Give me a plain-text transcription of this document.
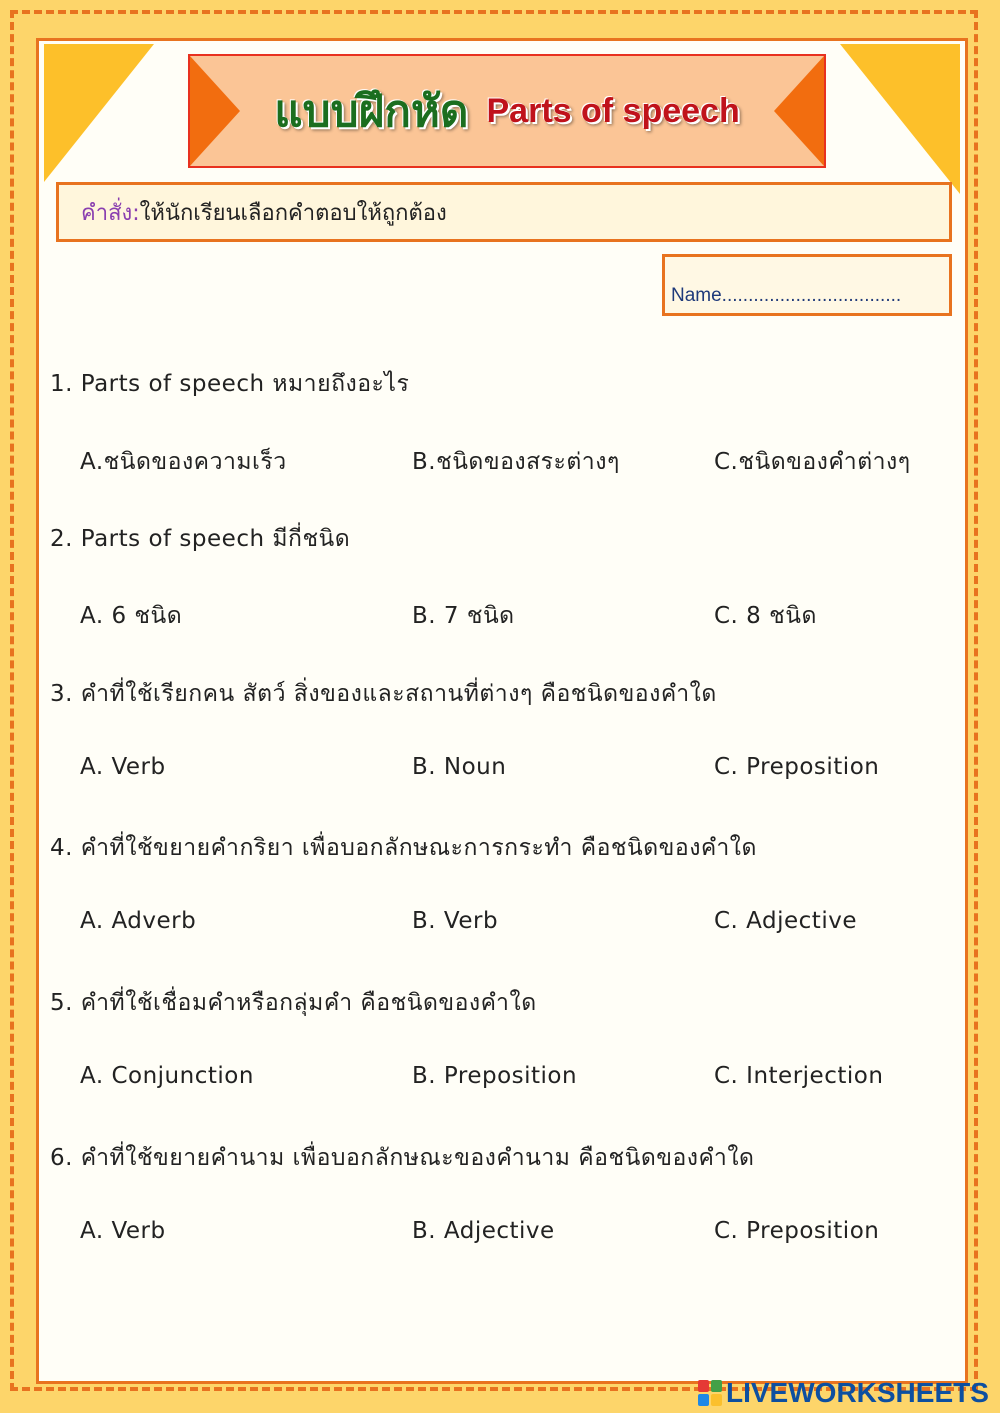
แบบฝึกหัด Parts of speech
คำสั่ง: ให้นักเรียนเลือกคำตอบให้ถูกต้อง
Name..................................
1. Parts of speech หมายถึงอะไร
A.ชนิดของความเร็ว	B.ชนิดของสระต่างๆ	C.ชนิดของคำต่างๆ
2. Parts of speech มีกี่ชนิด
A. 6 ชนิด	B. 7 ชนิด	C. 8 ชนิด
3. คำที่ใช้เรียกคน สัตว์ สิ่งของและสถานที่ต่างๆ คือชนิดของคำใด
A. Verb	B. Noun	C. Preposition
4. คำที่ใช้ขยายคำกริยา เพื่อบอกลักษณะการกระทำ คือชนิดของคำใด
A. Adverb	B. Verb	C. Adjective
5. คำที่ใช้เชื่อมคำหรือกลุ่มคำ คือชนิดของคำใด
A. Conjunction	B. Preposition	C. Interjection
6. คำที่ใช้ขยายคำนาม เพื่อบอกลักษณะของคำนาม คือชนิดของคำใด
A. Verb	B. Adjective	C. Preposition
LIVEWORKSHEETS
